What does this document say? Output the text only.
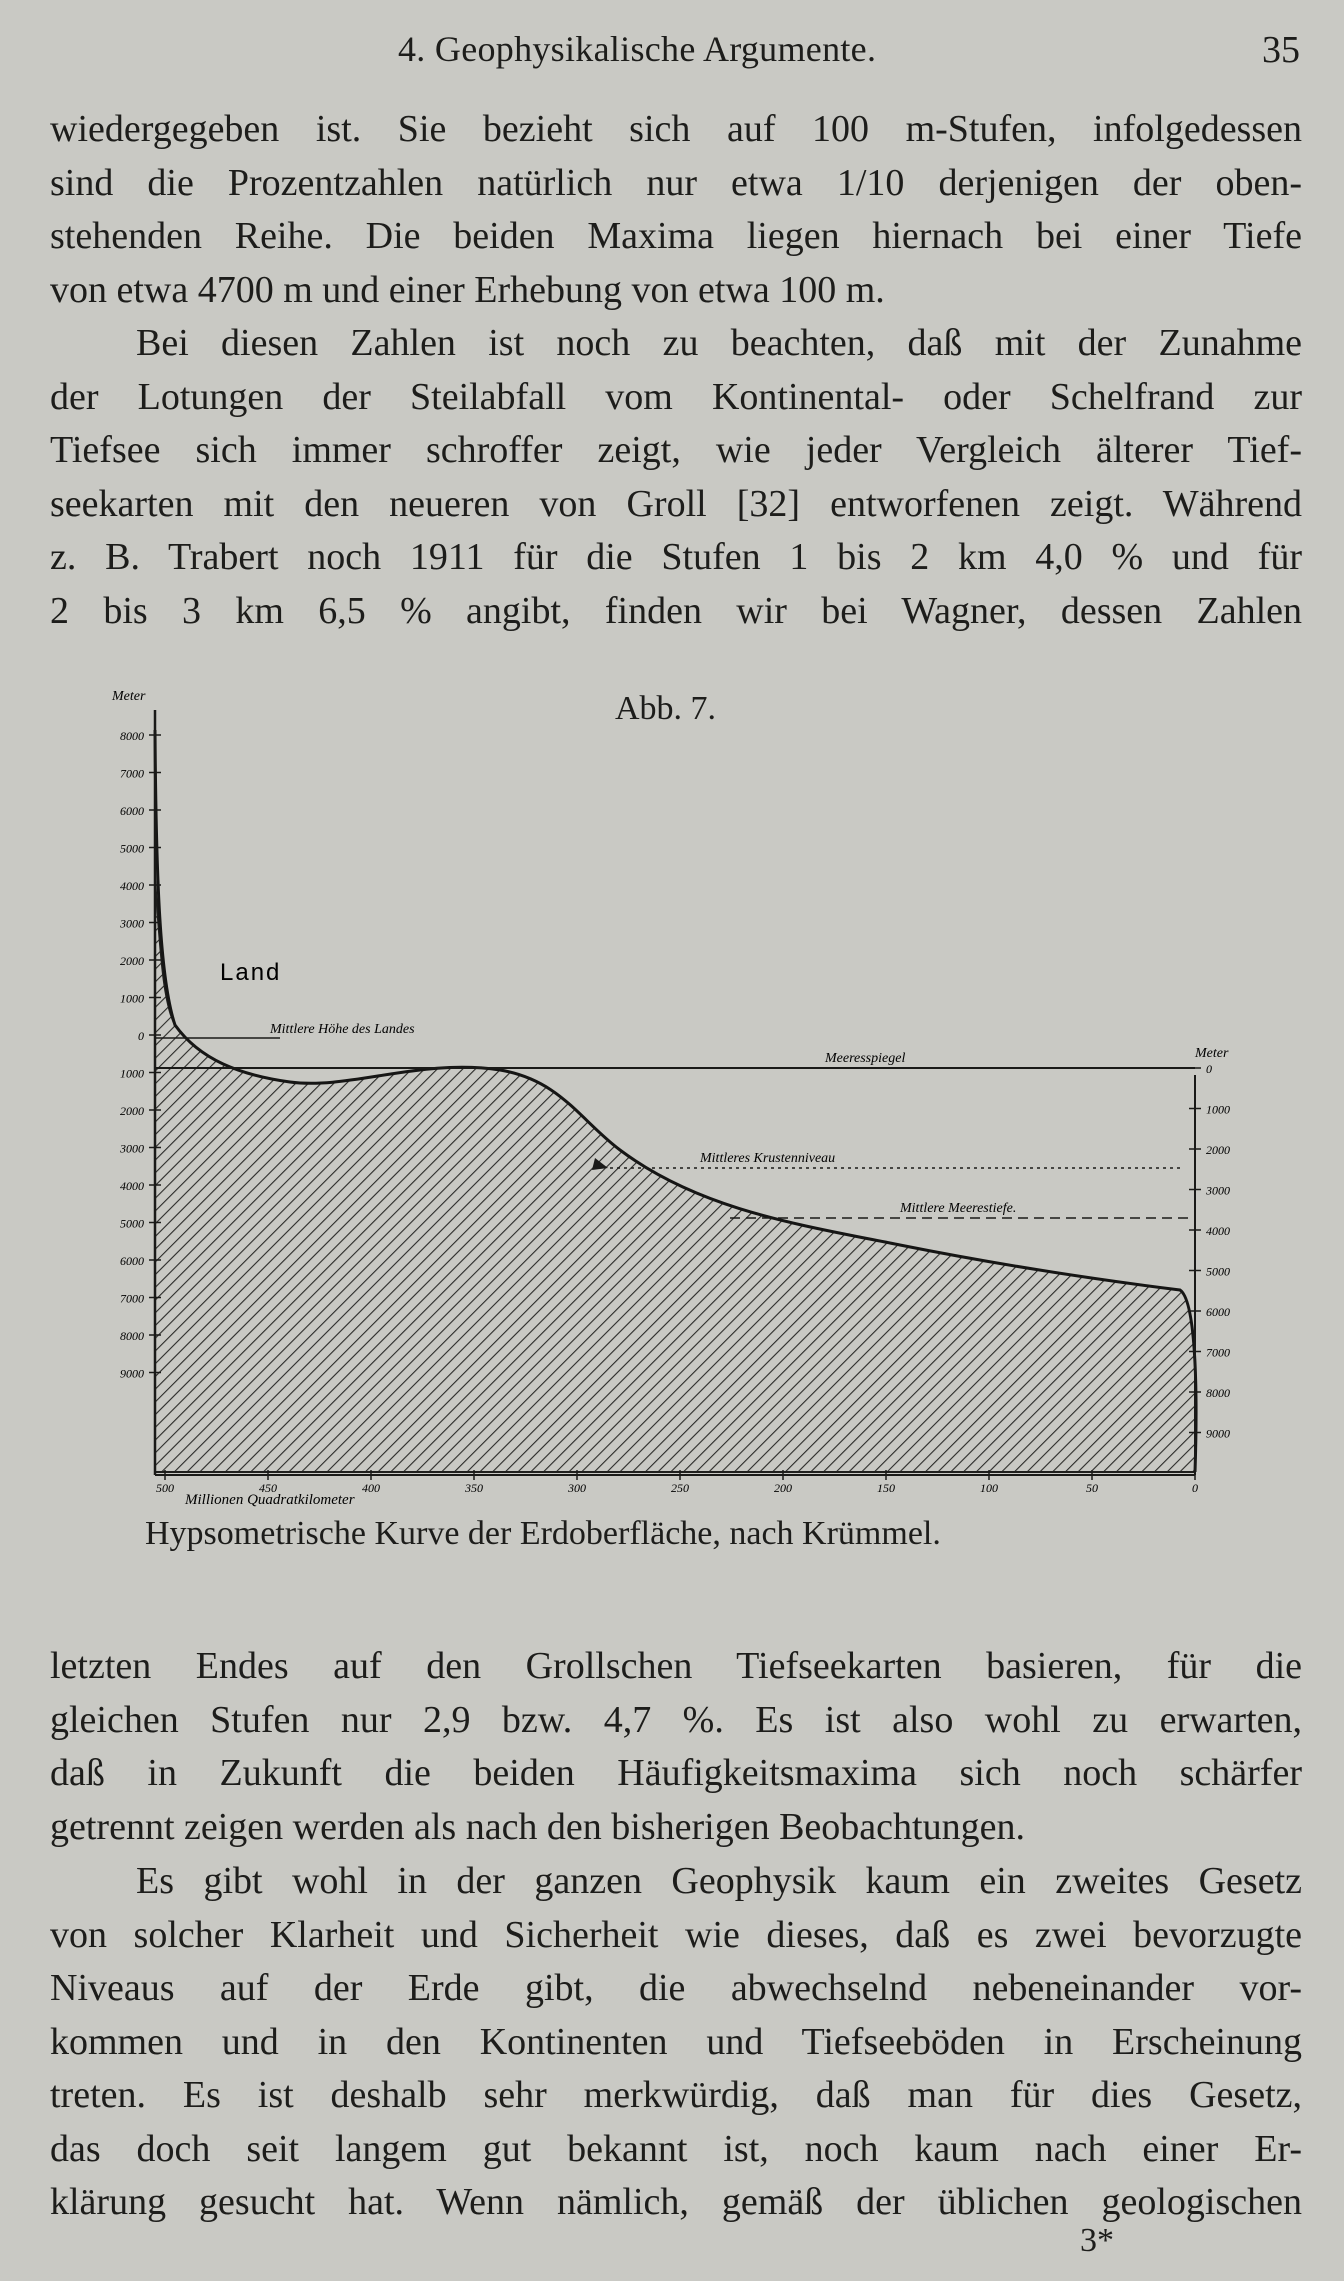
4. Geophysikalische Argumente.	35
wiedergegeben ist. Sie bezieht sich auf 100 m-Stufen, infolgedessen
sind die Prozentzahlen natürlich nur etwa 1/10 derjenigen der oben-
stehenden Reihe. Die beiden Maxima liegen hiernach bei einer Tiefe
von etwa 4700 m und einer Erhebung von etwa 100 m.
Bei diesen Zahlen ist noch zu beachten, daß mit der Zunahme
der Lotungen der Steilabfall vom Kontinental- oder Schelfrand zur
Tiefsee sich immer schroffer zeigt, wie jeder Vergleich älterer Tief-
seekarten mit den neueren von Groll [32] entworfenen zeigt. Während
z. B. Trabert noch 1911 für die Stufen 1 bis 2 km 4,0 % und für
2 bis 3 km 6,5 % angibt, finden wir bei Wagner, dessen Zahlen
Abb. 7.
8000
7000
6000
5000
4000
3000
2000
1000
0
1000
2000
3000
4000
5000
6000
7000
8000
9000
0
1000
2000
3000
4000
5000
6000
7000
8000
9000
500	450	400	350	300	250	200	150	100	50	0
Meter
Meter
Millionen Quadratkilometer
Land
Mittlere Höhe des Landes
Meeresspiegel
Mittleres Krustenniveau
Mittlere Meerestiefe.
Hypsometrische Kurve der Erdoberfläche, nach Krümmel.
letzten Endes auf den Grollschen Tiefseekarten basieren, für die
gleichen Stufen nur 2,9 bzw. 4,7 %. Es ist also wohl zu erwarten,
daß in Zukunft die beiden Häufigkeitsmaxima sich noch schärfer
getrennt zeigen werden als nach den bisherigen Beobachtungen.
Es gibt wohl in der ganzen Geophysik kaum ein zweites Gesetz
von solcher Klarheit und Sicherheit wie dieses, daß es zwei bevorzugte
Niveaus auf der Erde gibt, die abwechselnd nebeneinander vor-
kommen und in den Kontinenten und Tiefseeböden in Erscheinung
treten. Es ist deshalb sehr merkwürdig, daß man für dies Gesetz,
das doch seit langem gut bekannt ist, noch kaum nach einer Er-
klärung gesucht hat. Wenn nämlich, gemäß der üblichen geologischen
3*
